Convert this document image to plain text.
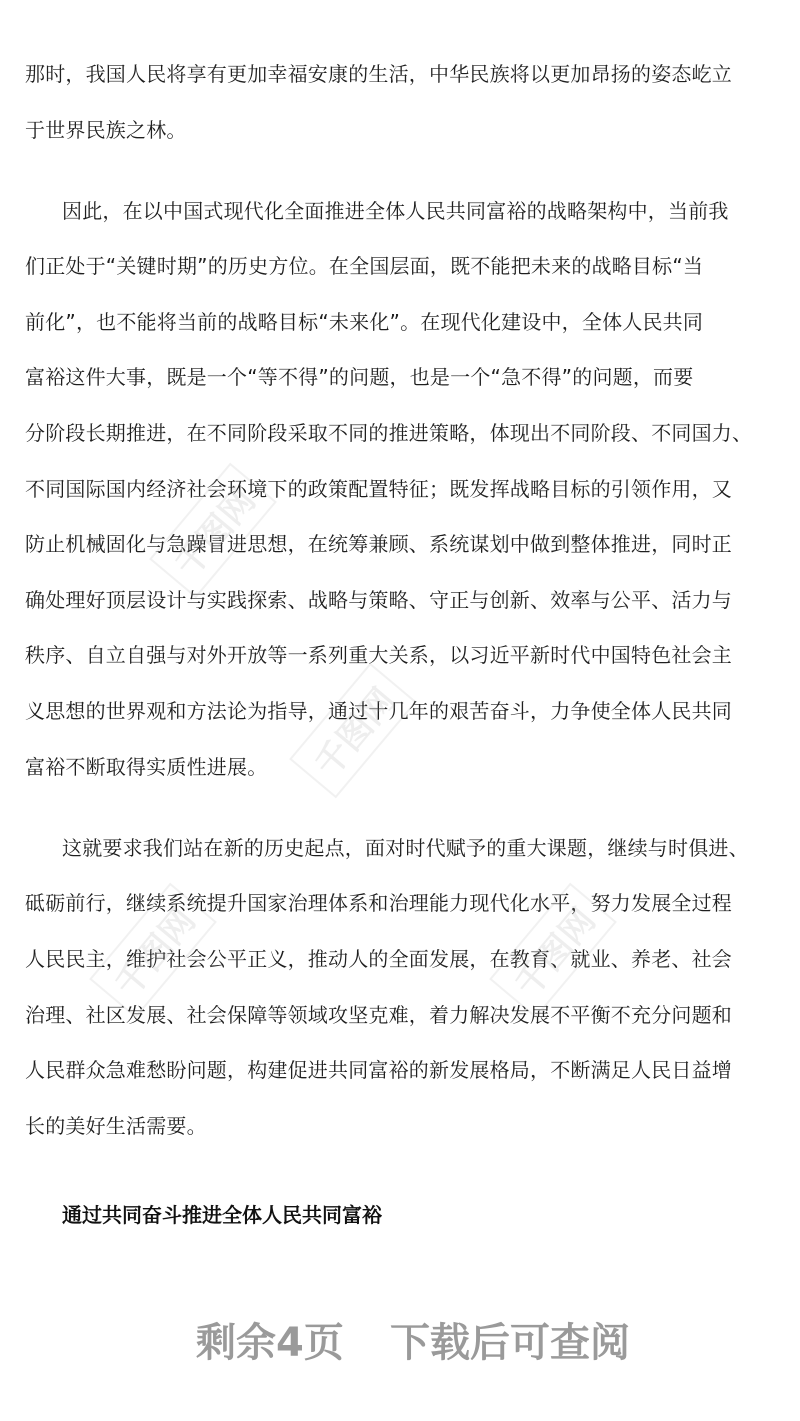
那时，我国人民将享有更加幸福安康的生活，中华民族将以更加昂扬的姿态屹立
于世界民族之林。
因此，在以中国式现代化全面推进全体人民共同富裕的战略架构中，当前我
们正处于“关键时期”的历史方位。在全国层面，既不能把未来的战略目标“当
前化”，也不能将当前的战略目标“未来化”。在现代化建设中，全体人民共同
富裕这件大事，既是一个“等不得”的问题，也是一个“急不得”的问题，而要
分阶段长期推进，在不同阶段采取不同的推进策略，体现出不同阶段、不同国力、
不同国际国内经济社会环境下的政策配置特征；既发挥战略目标的引领作用，又
防止机械固化与急躁冒进思想，在统筹兼顾、系统谋划中做到整体推进，同时正
确处理好顶层设计与实践探索、战略与策略、守正与创新、效率与公平、活力与
秩序、自立自强与对外开放等一系列重大关系，以习近平新时代中国特色社会主
义思想的世界观和方法论为指导，通过十几年的艰苦奋斗，力争使全体人民共同
富裕不断取得实质性进展。
这就要求我们站在新的历史起点，面对时代赋予的重大课题，继续与时俱进、
砥砺前行，继续系统提升国家治理体系和治理能力现代化水平，努力发展全过程
人民民主，维护社会公平正义，推动人的全面发展，在教育、就业、养老、社会
治理、社区发展、社会保障等领域攻坚克难，着力解决发展不平衡不充分问题和
人民群众急难愁盼问题，构建促进共同富裕的新发展格局，不断满足人民日益增
长的美好生活需要。
通过共同奋斗推进全体人民共同富裕
剩余4页 下载后可查阅
千图网
千图网
千图网
千图网
